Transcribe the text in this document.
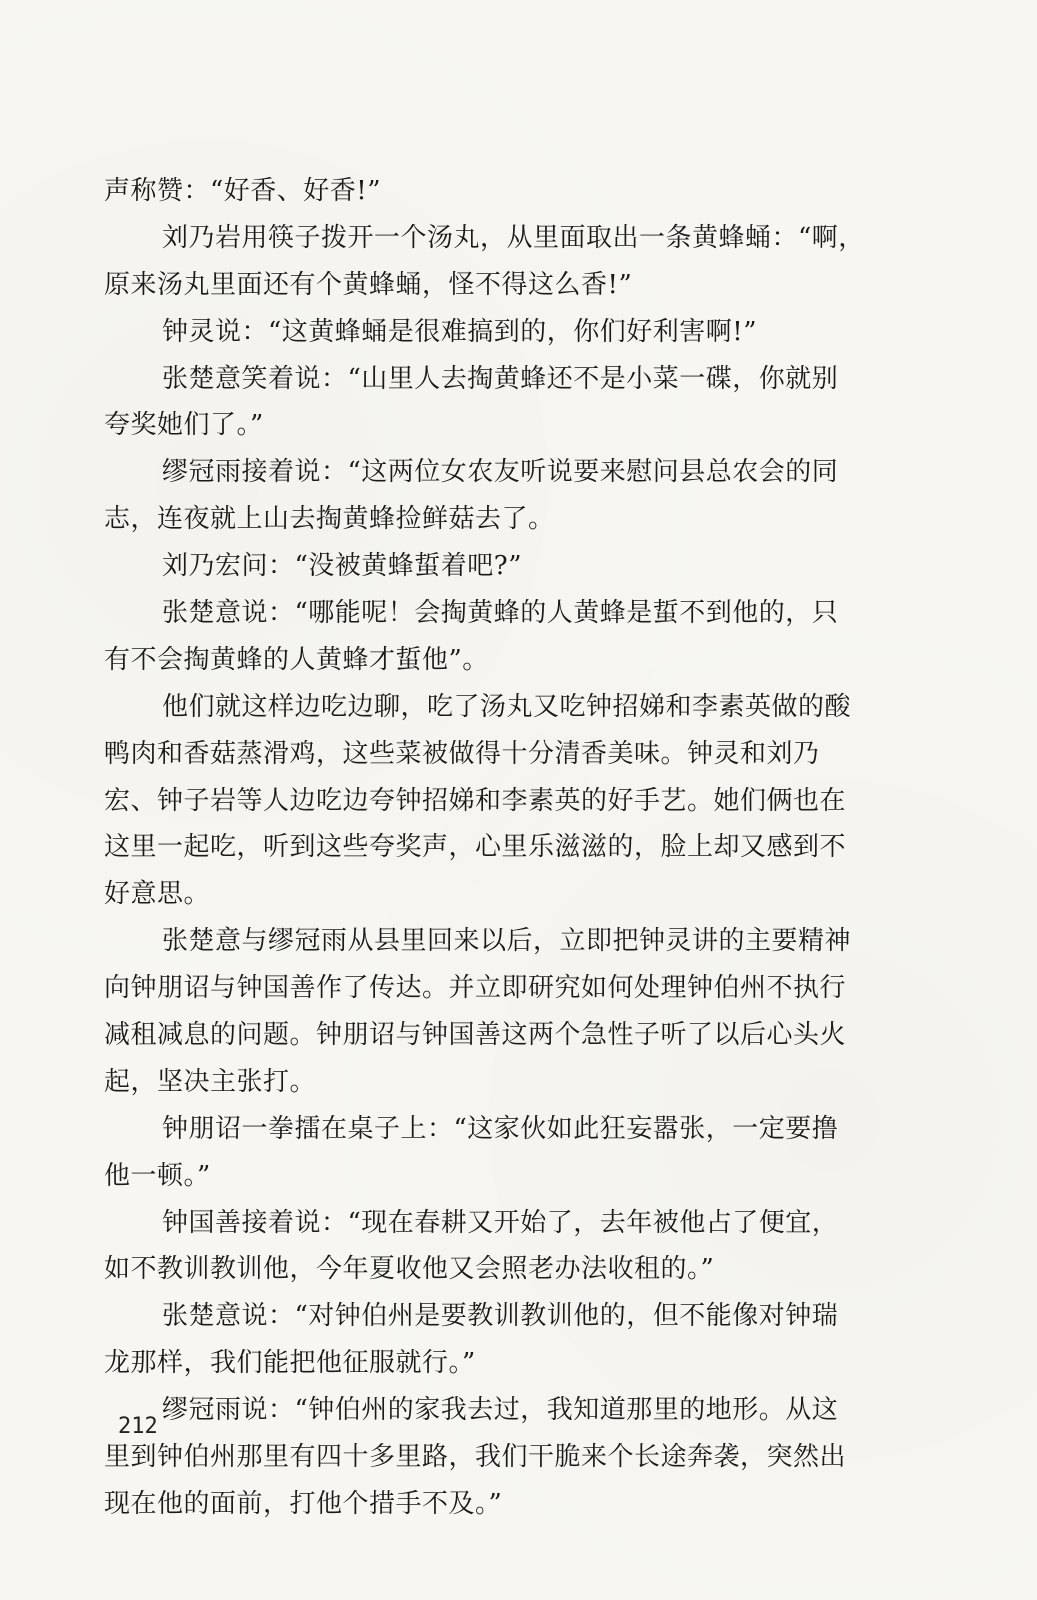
声称赞：“好香、好香!”
刘乃岩用筷子拨开一个汤丸，从里面取出一条黄蜂蛹：“啊，
原来汤丸里面还有个黄蜂蛹，怪不得这么香!”
钟灵说：“这黄蜂蛹是很难搞到的，你们好利害啊!”
张楚意笑着说：“山里人去掏黄蜂还不是小菜一碟，你就别
夸奖她们了。”
缪冠雨接着说：“这两位女农友听说要来慰问县总农会的同
志，连夜就上山去掏黄蜂捡鲜菇去了。
刘乃宏问：“没被黄蜂蜇着吧?”
张楚意说：“哪能呢！会掏黄蜂的人黄蜂是蜇不到他的，只
有不会掏黄蜂的人黄蜂才蜇他”。
他们就这样边吃边聊，吃了汤丸又吃钟招娣和李素英做的酸
鸭肉和香菇蒸滑鸡，这些菜被做得十分清香美味。钟灵和刘乃
宏、钟子岩等人边吃边夸钟招娣和李素英的好手艺。她们俩也在
这里一起吃，听到这些夸奖声，心里乐滋滋的，脸上却又感到不
好意思。
张楚意与缪冠雨从县里回来以后，立即把钟灵讲的主要精神
向钟朋诏与钟国善作了传达。并立即研究如何处理钟伯州不执行
减租减息的问题。钟朋诏与钟国善这两个急性子听了以后心头火
起，坚决主张打。
钟朋诏一拳擂在桌子上：“这家伙如此狂妄嚣张，一定要撸
他一顿。”
钟国善接着说：“现在春耕又开始了，去年被他占了便宜，
如不教训教训他，今年夏收他又会照老办法收租的。”
张楚意说：“对钟伯州是要教训教训他的，但不能像对钟瑞
龙那样，我们能把他征服就行。”
缪冠雨说：“钟伯州的家我去过，我知道那里的地形。从这
里到钟伯州那里有四十多里路，我们干脆来个长途奔袭，突然出
现在他的面前，打他个措手不及。”
212
